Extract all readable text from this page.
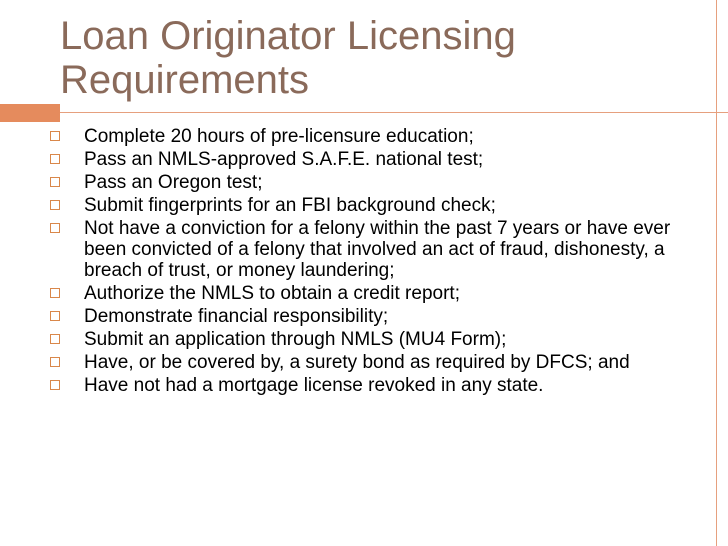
Loan Originator Licensing Requirements
Complete 20 hours of pre-licensure education;
Pass an NMLS-approved S.A.F.E. national test;
Pass an Oregon test;
Submit fingerprints for an FBI background check;
Not have a conviction for a felony within the past 7 years or have ever been convicted of a felony that involved an act of fraud, dishonesty, a breach of trust, or money laundering;
Authorize the NMLS to obtain a credit report;
Demonstrate financial responsibility;
Submit an application through NMLS (MU4 Form);
Have, or be covered by, a surety bond as required by DFCS; and
Have not had a mortgage license revoked in any state.
